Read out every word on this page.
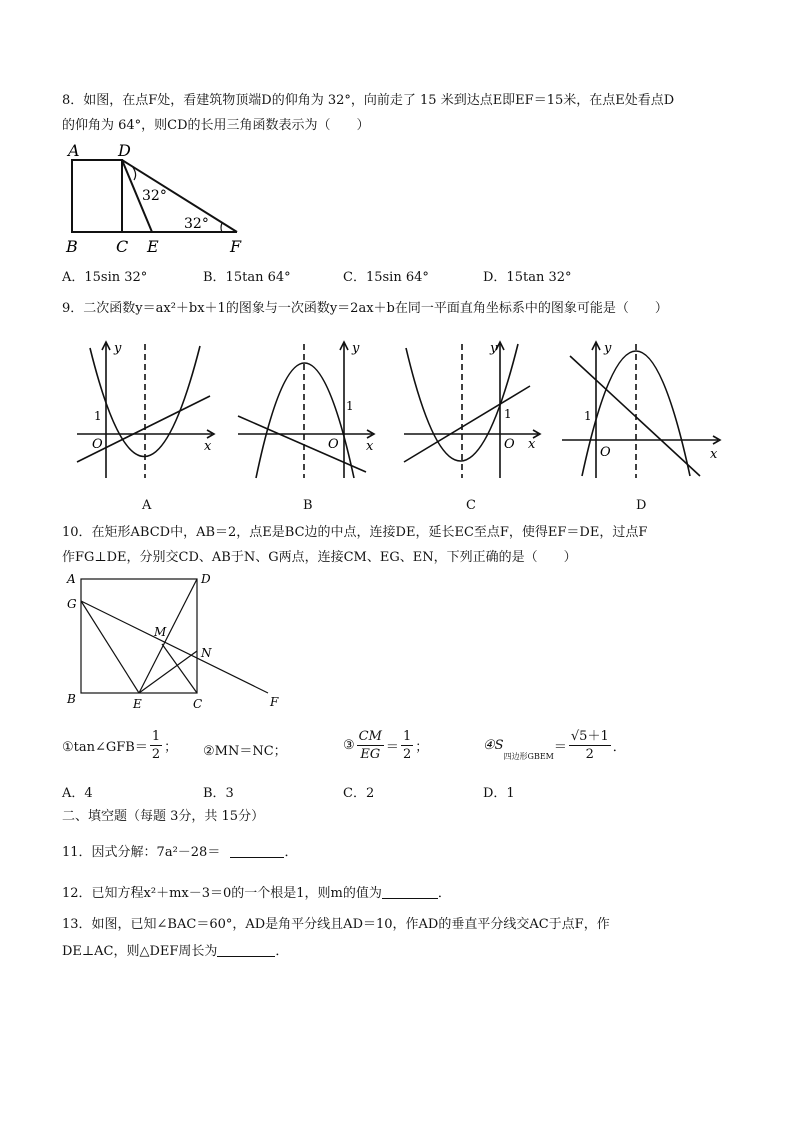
8．如图，在点F处，看建筑物顶端D的仰角为 32°，向前走了 15 米到达点E即EF＝15米，在点E处看点D
的仰角为 64°，则CD的长用三角函数表示为（　　）
A D
B C E	F
32°
32°
A．15sin 32°	B．15tan 64°	C．15sin 64°	D．15tan 32°
9．二次函数y＝ax²＋bx＋1的图象与一次函数y＝2ax＋b在同一平面直角坐标系中的图象可能是（　　）
y
x
O
1
A
y
x
O
1
B
y
x
O
1
C
y
x
O
1
D
10．在矩形ABCD中，AB＝2，点E是BC边的中点，连接DE，延长EC至点F，使得EF＝DE，过点F
作FG⊥DE，分别交CD、AB于N、G两点，连接CM、EG、EN，下列正确的是（　　）
A	D
G
M
N
B	E	C	F
①tan∠GFB＝ $\frac{1}{2}$ ； ②MN＝NC；	③ $\frac{CM}{EG} = \frac{1}{2}$ ；	$④S_{四边形GBEM}= \frac{√5+1}{2}$ ．
A．4	B．3	C．2	D．1
二、填空题（每题 3分，共 15分）
11．因式分解：7a²－28＝	．
12．已知方程x²＋mx－3＝0的一个根是1，则m的值为	．
13．如图，已知∠BAC＝60°，AD是角平分线且AD＝10，作AD的垂直平分线交AC于点F，作
DE⊥AC，则△DEF周长为	．
